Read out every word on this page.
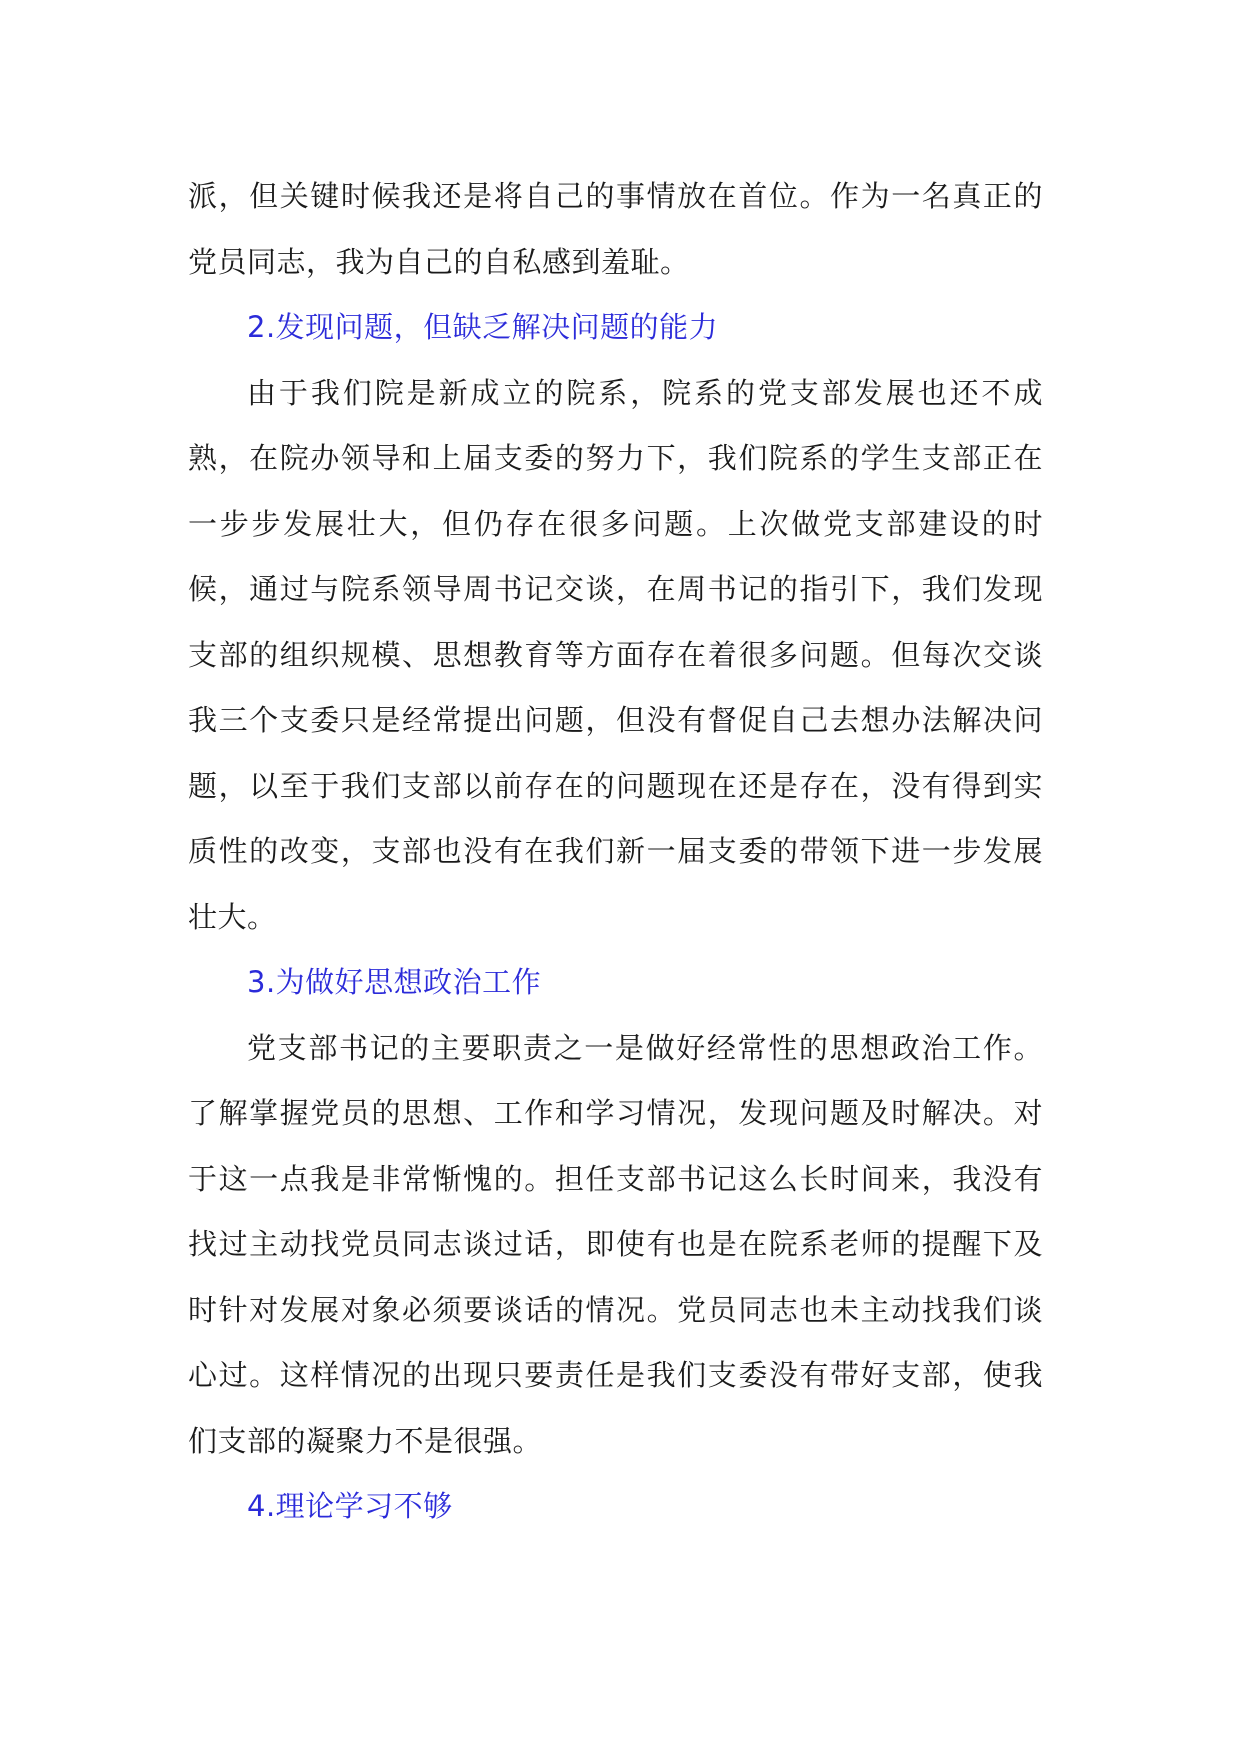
派，但关键时候我还是将自己的事情放在首位。作为一名真正的党员同志，我为自己的自私感到羞耻。

2.发现问题，但缺乏解决问题的能力

由于我们院是新成立的院系，院系的党支部发展也还不成熟，在院办领导和上届支委的努力下，我们院系的学生支部正在一步步发展壮大，但仍存在很多问题。上次做党支部建设的时候，通过与院系领导周书记交谈，在周书记的指引下，我们发现支部的组织规模、思想教育等方面存在着很多问题。但每次交谈我三个支委只是经常提出问题，但没有督促自己去想办法解决问题，以至于我们支部以前存在的问题现在还是存在，没有得到实质性的改变，支部也没有在我们新一届支委的带领下进一步发展壮大。

3.为做好思想政治工作

党支部书记的主要职责之一是做好经常性的思想政治工作。了解掌握党员的思想、工作和学习情况，发现问题及时解决。对于这一点我是非常惭愧的。担任支部书记这么长时间来，我没有找过主动找党员同志谈过话，即使有也是在院系老师的提醒下及时针对发展对象必须要谈话的情况。党员同志也未主动找我们谈心过。这样情况的出现只要责任是我们支委没有带好支部，使我们支部的凝聚力不是很强。

4.理论学习不够
